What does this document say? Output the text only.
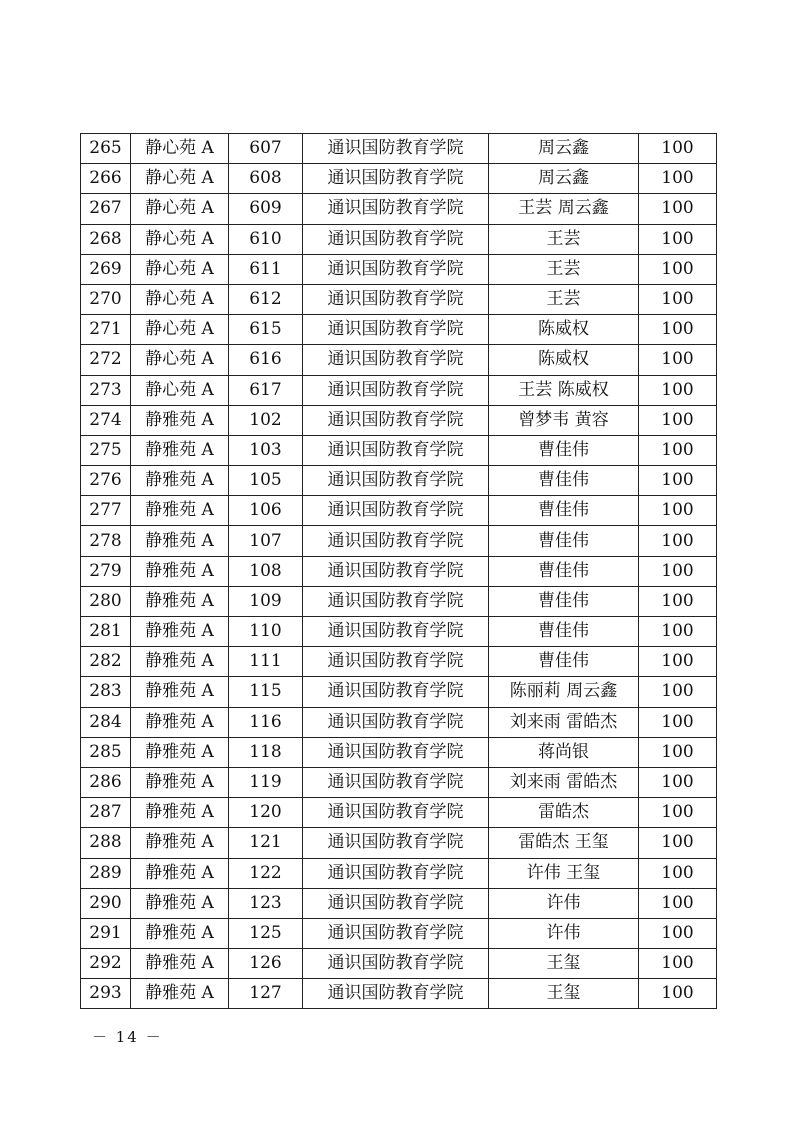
265	静心苑 A	607	通识国防教育学院	周云鑫	100
266	静心苑 A	608	通识国防教育学院	周云鑫	100
267	静心苑 A	609	通识国防教育学院	王芸 周云鑫	100
268	静心苑 A	610	通识国防教育学院	王芸	100
269	静心苑 A	611	通识国防教育学院	王芸	100
270	静心苑 A	612	通识国防教育学院	王芸	100
271	静心苑 A	615	通识国防教育学院	陈威权	100
272	静心苑 A	616	通识国防教育学院	陈威权	100
273	静心苑 A	617	通识国防教育学院	王芸 陈威权	100
274	静雅苑 A	102	通识国防教育学院	曾梦韦 黄容	100
275	静雅苑 A	103	通识国防教育学院	曹佳伟	100
276	静雅苑 A	105	通识国防教育学院	曹佳伟	100
277	静雅苑 A	106	通识国防教育学院	曹佳伟	100
278	静雅苑 A	107	通识国防教育学院	曹佳伟	100
279	静雅苑 A	108	通识国防教育学院	曹佳伟	100
280	静雅苑 A	109	通识国防教育学院	曹佳伟	100
281	静雅苑 A	110	通识国防教育学院	曹佳伟	100
282	静雅苑 A	111	通识国防教育学院	曹佳伟	100
283	静雅苑 A	115	通识国防教育学院	陈丽莉 周云鑫	100
284	静雅苑 A	116	通识国防教育学院	刘来雨 雷皓杰	100
285	静雅苑 A	118	通识国防教育学院	蒋尚银	100
286	静雅苑 A	119	通识国防教育学院	刘来雨 雷皓杰	100
287	静雅苑 A	120	通识国防教育学院	雷皓杰	100
288	静雅苑 A	121	通识国防教育学院	雷皓杰 王玺	100
289	静雅苑 A	122	通识国防教育学院	许伟 王玺	100
290	静雅苑 A	123	通识国防教育学院	许伟	100
291	静雅苑 A	125	通识国防教育学院	许伟	100
292	静雅苑 A	126	通识国防教育学院	王玺	100
293	静雅苑 A	127	通识国防教育学院	王玺	100
－ 14 －
